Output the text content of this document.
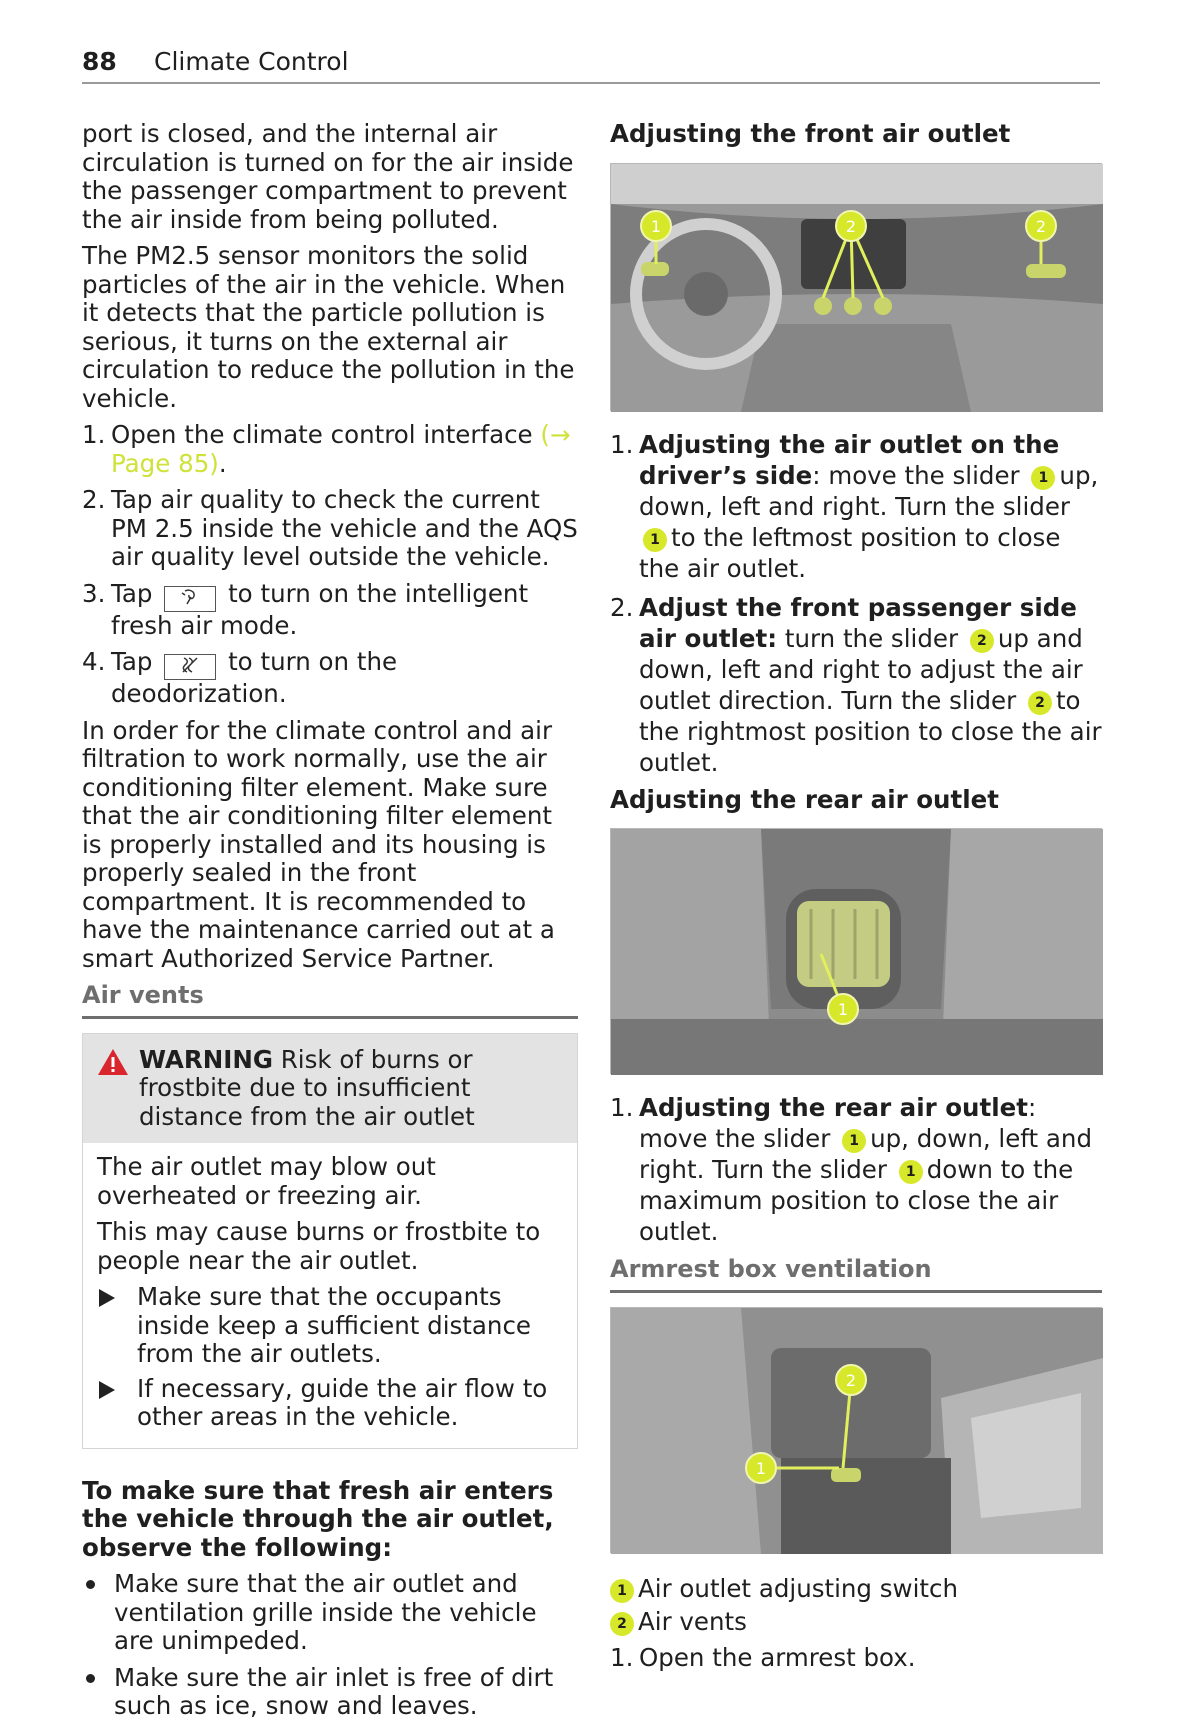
88 Climate Control

port is closed, and the internal air circulation is turned on for the air inside the passenger compartment to prevent the air inside from being polluted.

The PM2.5 sensor monitors the solid particles of the air in the vehicle. When it detects that the particle pollution is serious, it turns on the external air circulation to reduce the pollution in the vehicle.

1. Open the climate control interface (→ Page 85).
2. Tap air quality to check the current PM 2.5 inside the vehicle and the AQS air quality level outside the vehicle.
3. Tap	to turn on the intelligent fresh air mode.
4. Tap	to turn on the deodorization.

In order for the climate control and air filtration to work normally, use the air conditioning filter element. Make sure that the air conditioning filter element is properly installed and its housing is properly sealed in the front compartment. It is recommended to have the maintenance carried out at a smart Authorized Service Partner.

Air vents
WARNING Risk of burns or frostbite due to insufficient distance from the air outlet

The air outlet may blow out overheated or freezing air.

This may cause burns or frostbite to people near the air outlet.

Make sure that the occupants inside keep a sufficient distance from the air outlets.
If necessary, guide the air flow to other areas in the vehicle.

To make sure that fresh air enters the vehicle through the air outlet, observe the following:

Make sure that the air outlet and ventilation grille inside the vehicle are unimpeded.
Make sure the air inlet is free of dirt such as ice, snow and leaves.
Adjusting the front air outlet
1	2	2
1. Adjusting the air outlet on the driver’s side: move the slider 1 up, down, left and right. Turn the slider 1 to the leftmost position to close the air outlet.
2. Adjust the front passenger side air outlet: turn the slider 2 up and down, left and right to adjust the air outlet direction. Turn the slider 2 to the rightmost position to close the air outlet.
Adjusting the rear air outlet
1
1. Adjusting the rear air outlet: move the slider 1 up, down, left and right. Turn the slider 1 down to the maximum position to close the air outlet.
Armrest box ventilation
2
1
1 Air outlet adjusting switch
2 Air vents
1. Open the armrest box.
